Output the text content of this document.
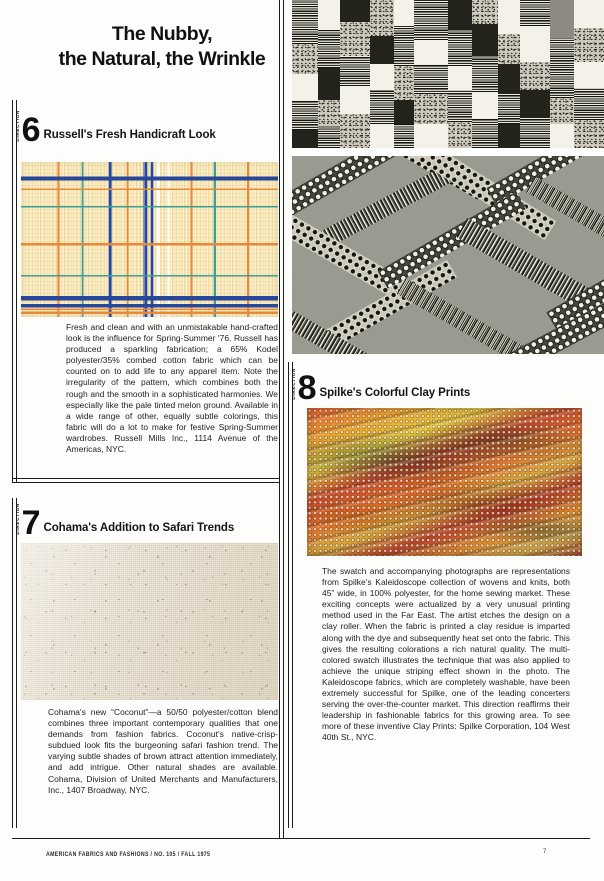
The Nubby,
the Natural, the Wrinkle
DIRECTION 6 Russell's Fresh Handicraft Look
Fresh and clean and with an unmistakable hand-crafted look is the influence for Spring-Summer '76. Russell has produced a sparkling fabrication; a 65% Kodel polyester/35% combed cotton fabric which can be counted on to add life to any apparel item. Note the irregularity of the pattern, which combines both the rough and the smooth in a sophisticated harmonies. We especially like the pale tinted melon ground. Available in a wide range of other, equally subtle colorings, this fabric will do a lot to make for festive Spring-Summer wardrobes. Russell Mills Inc., 1114 Avenue of the Americas, NYC.
DIRECTION 7 Cohama's Addition to Safari Trends
Cohama's new “Coconut”—a 50/50 polyester/cotton blend combines three important contemporary qualities that one demands from fashion fabrics. Coconut's native-crisp-subdued look fits the burgeoning safari fashion trend. The varying subtle shades of brown attract attention immediately, and add intrigue. Other natural shades are available. Cohama, Division of United Merchants and Manufacturers, Inc., 1407 Broadway, NYC.
DIRECTION 8 Spilke's Colorful Clay Prints
The swatch and accompanying photographs are representations from Spilke's Kaleidoscope collection of wovens and knits, both 45” wide, in 100% polyester, for the home sewing market. These exciting concepts were actualized by a very unusual printing method used in the Far East. The artist etches the design on a clay roller. When the fabric is printed a clay residue is imparted along with the dye and subsequently heat set onto the fabric. This gives the resulting colorations a rich natural quality. The multi-colored swatch illustrates the technique that was also applied to achieve the unique striping effect shown in the photo. The Kaleidoscope fabrics, which are completely washable, have been extremely successful for Spilke, one of the leading concerters serving the over-the-counter market. This direction reaffirms their leadership in fashionable fabrics for this growing area. To see more of these inventive Clay Prints: Spilke Corporation, 104 West 40th St., NYC.
AMERICAN FABRICS AND FASHIONS / NO. 105 / FALL 1975	7
